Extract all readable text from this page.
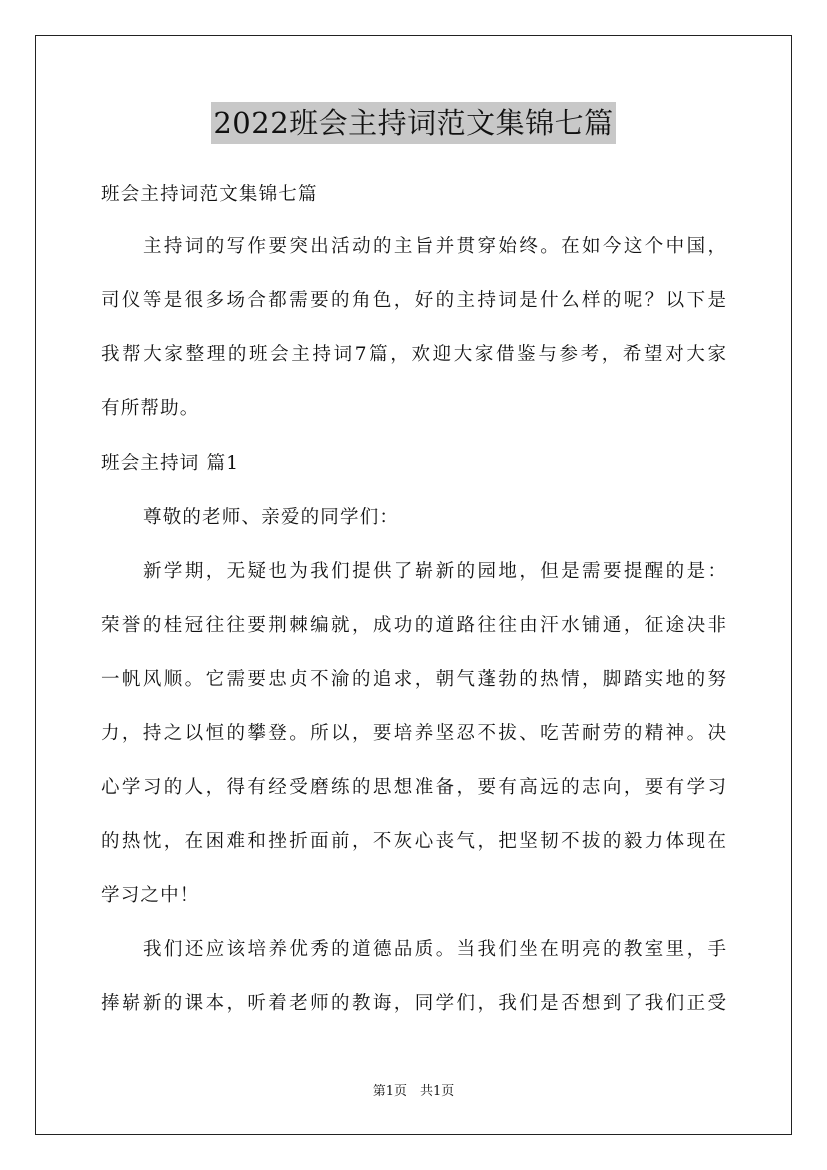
2022班会主持词范文集锦七篇
班会主持词范文集锦七篇
主持词的写作要突出活动的主旨并贯穿始终。在如今这个中国，
司仪等是很多场合都需要的角色，好的主持词是什么样的呢？以下是
我帮大家整理的班会主持词7篇，欢迎大家借鉴与参考，希望对大家
有所帮助。
班会主持词 篇1
尊敬的老师、亲爱的同学们：
新学期，无疑也为我们提供了崭新的园地，但是需要提醒的是：
荣誉的桂冠往往要荆棘编就，成功的道路往往由汗水铺通，征途决非
一帆风顺。它需要忠贞不渝的追求，朝气蓬勃的热情，脚踏实地的努
力，持之以恒的攀登。所以，要培养坚忍不拔、吃苦耐劳的精神。决
心学习的人，得有经受磨练的思想准备，要有高远的志向，要有学习
的热忱，在困难和挫折面前，不灰心丧气，把坚韧不拔的毅力体现在
学习之中！
我们还应该培养优秀的道德品质。当我们坐在明亮的教室里，手
捧崭新的课本，听着老师的教诲，同学们，我们是否想到了我们正受
第1页　共1页
